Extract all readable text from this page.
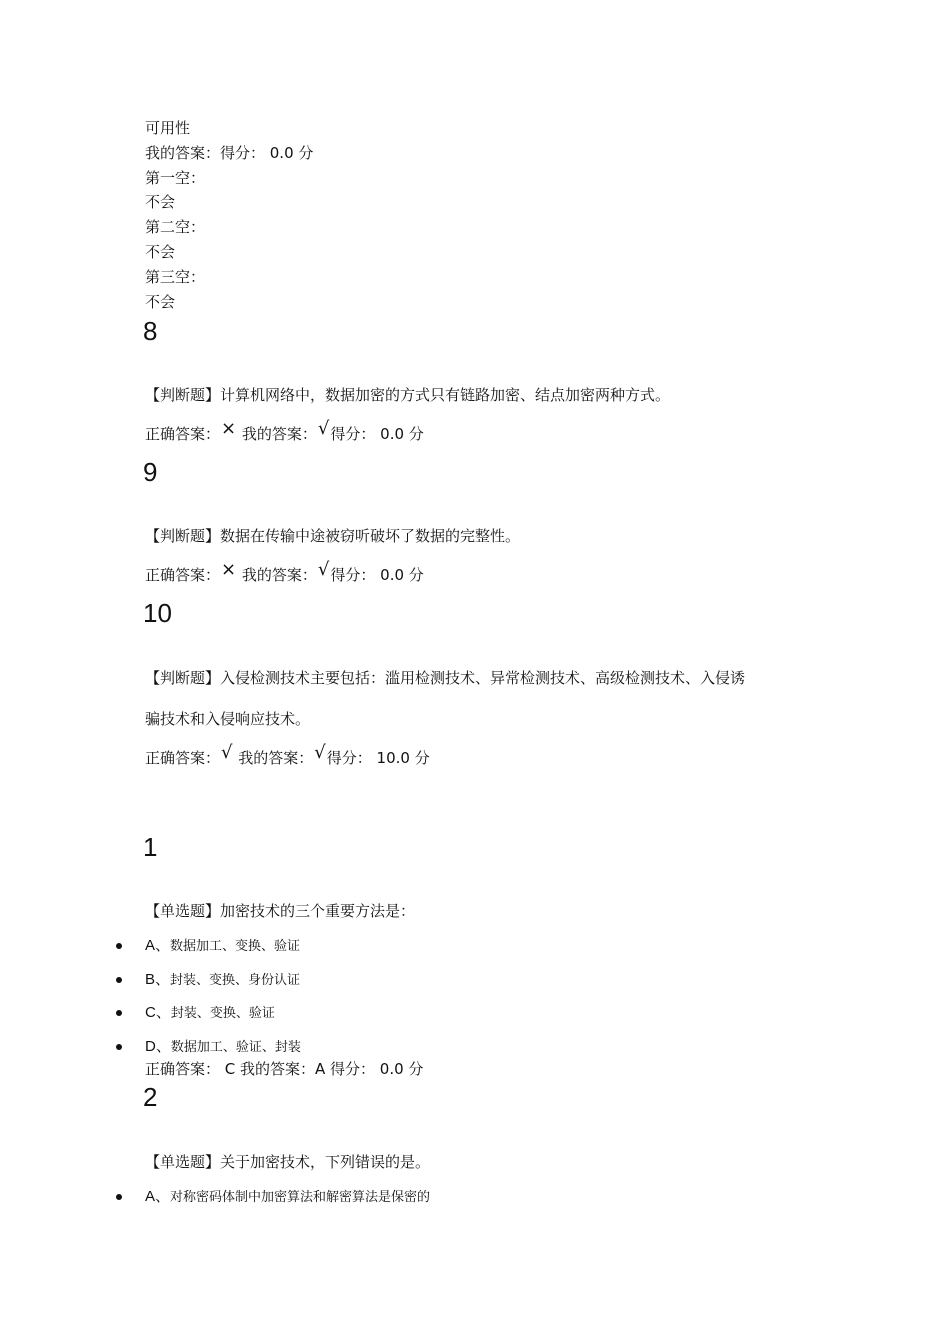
可用性
我的答案：得分： 0.0 分
第一空：
不会
第二空：
不会
第三空：
不会
8
【判断题】计算机网络中，数据加密的方式只有链路加密、结点加密两种方式。
正确答案：× 我的答案：√得分： 0.0 分
9
【判断题】数据在传输中途被窃听破坏了数据的完整性。
正确答案：× 我的答案：√得分： 0.0 分
10
【判断题】入侵检测技术主要包括：滥用检测技术、异常检测技术、高级检测技术、入侵诱
骗技术和入侵响应技术。
正确答案：√ 我的答案：√得分： 10.0 分
1
【单选题】加密技术的三个重要方法是：
A、数据加工、变换、验证
B、封装、变换、身份认证
C、封装、变换、验证
D、数据加工、验证、封装
正确答案： C 我的答案：A 得分： 0.0 分
2
【单选题】关于加密技术，下列错误的是。
A、对称密码体制中加密算法和解密算法是保密的
